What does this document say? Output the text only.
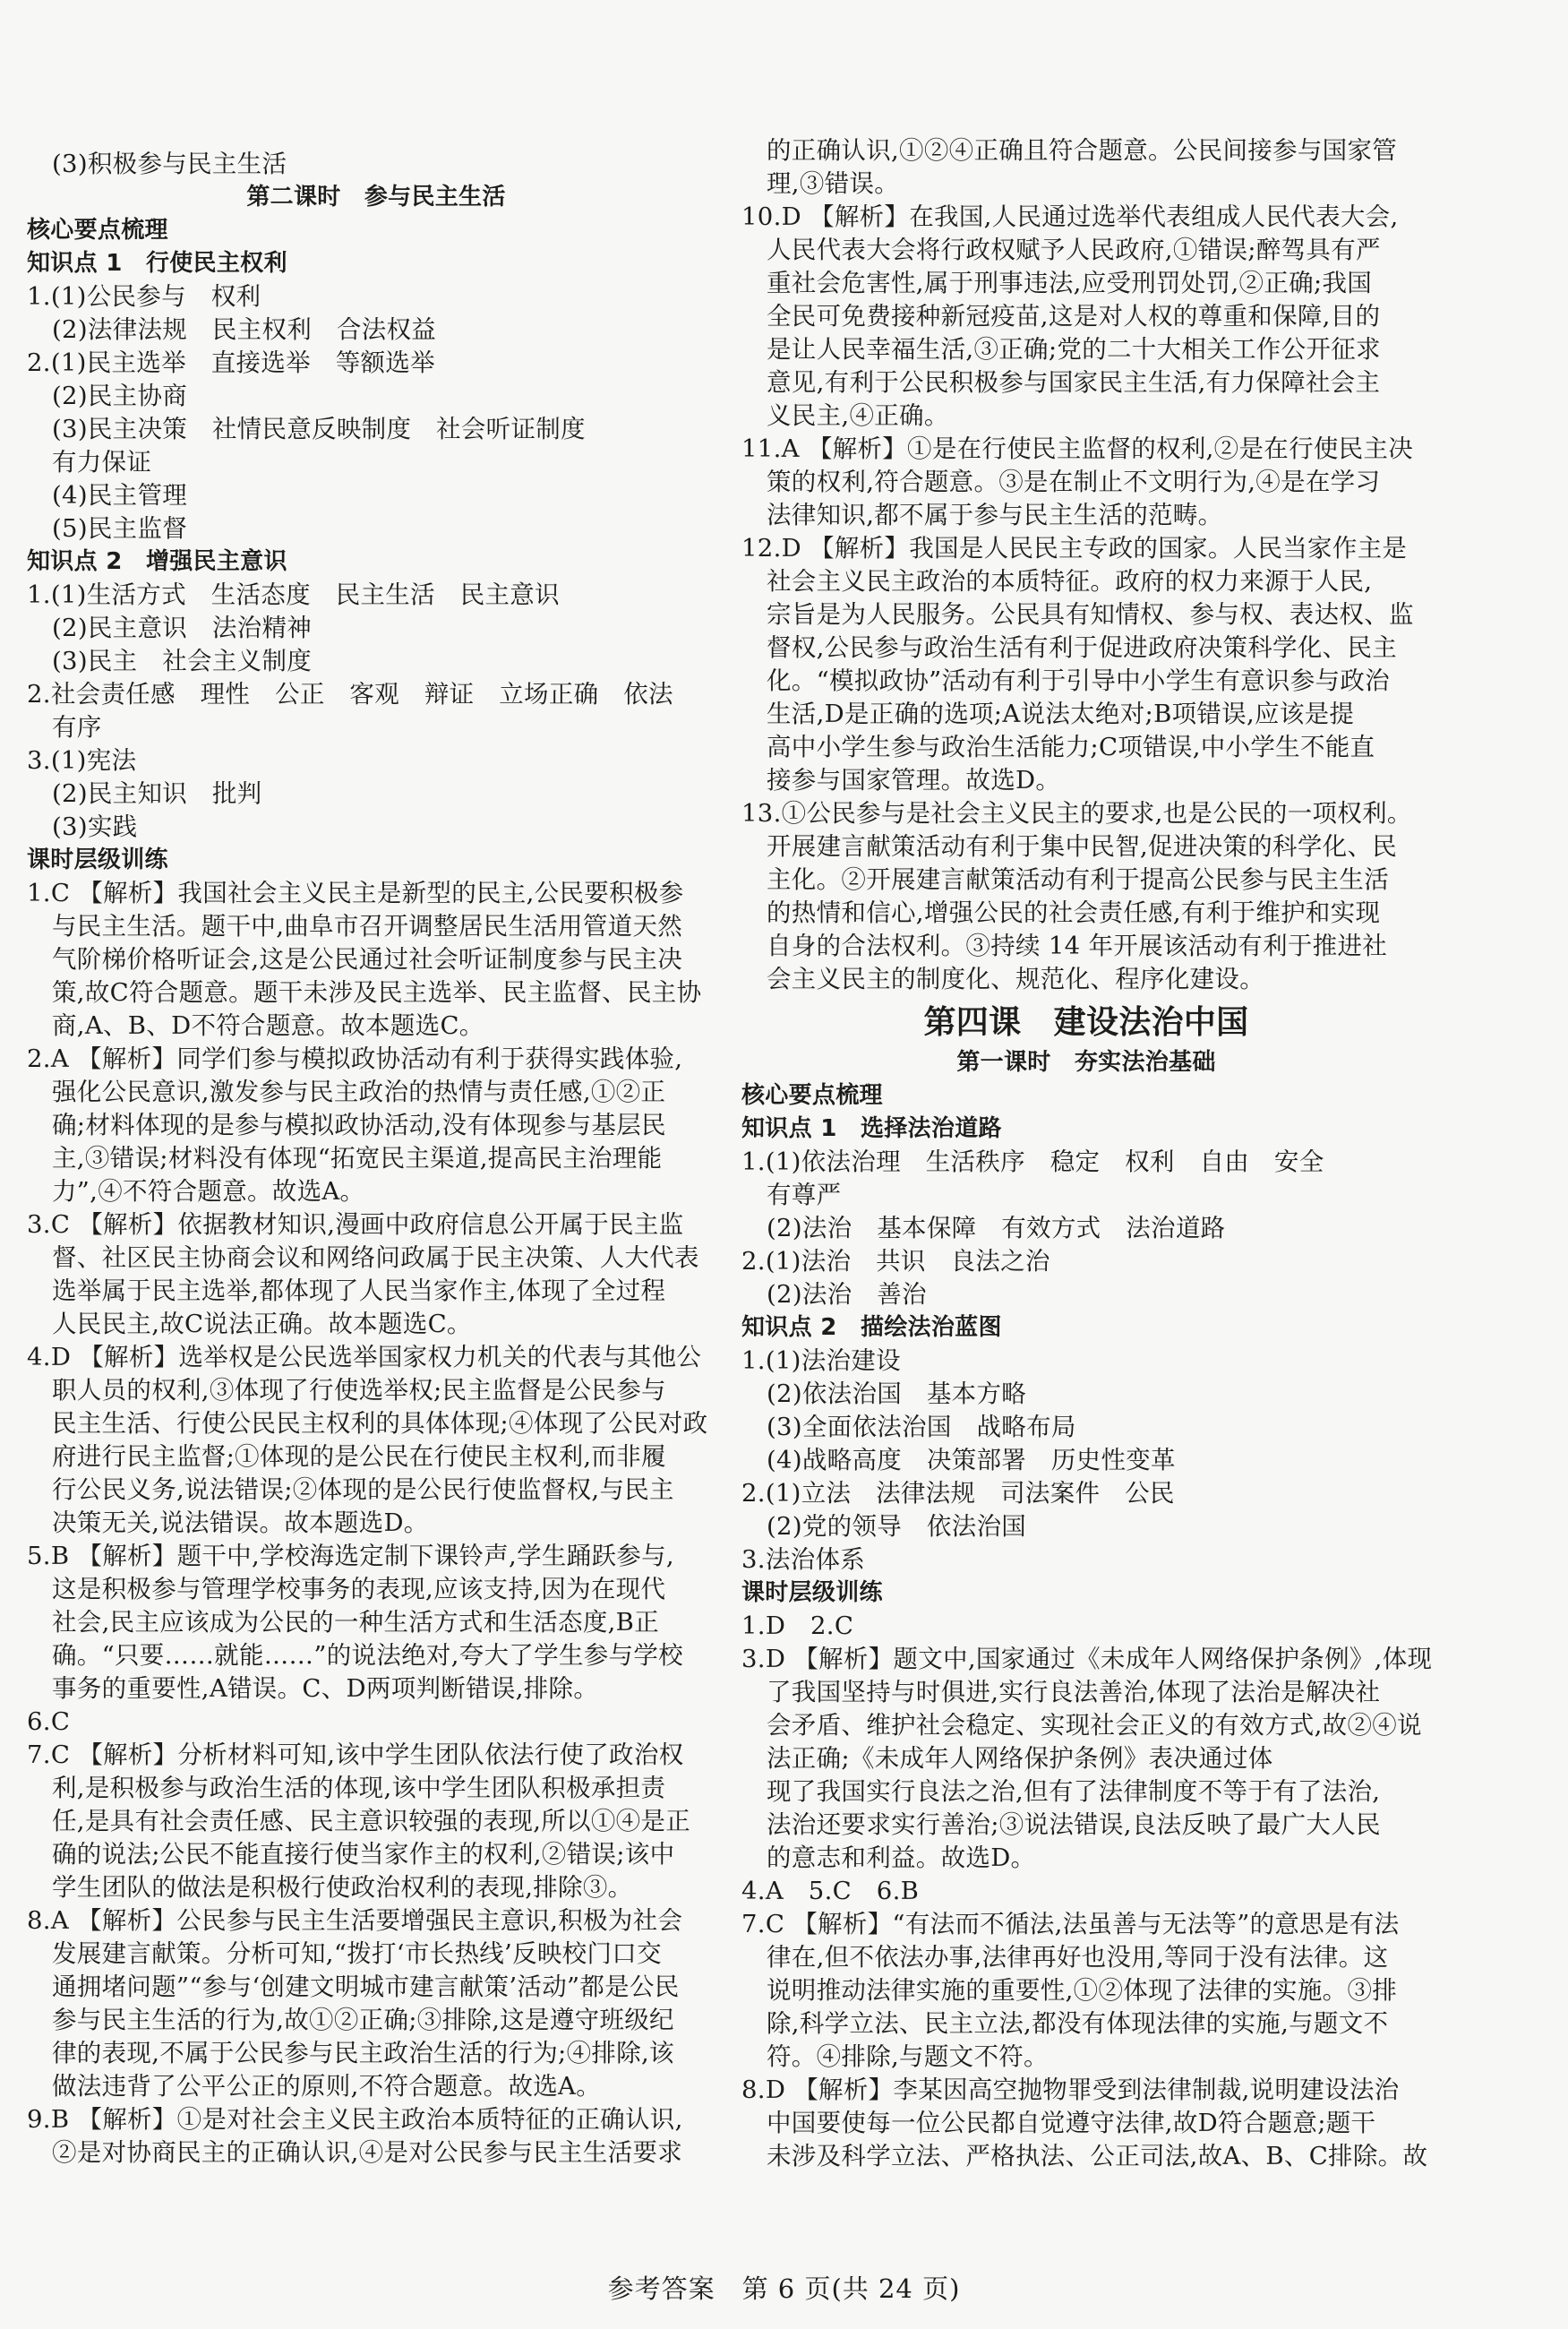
(3)积极参与民主生活
第二课时　参与民主生活
核心要点梳理
知识点 1　行使民主权利
1.(1)公民参与　权利
(2)法律法规　民主权利　合法权益
2.(1)民主选举　直接选举　等额选举
(2)民主协商
(3)民主决策　社情民意反映制度　社会听证制度
有力保证
(4)民主管理
(5)民主监督
知识点 2　增强民主意识
1.(1)生活方式　生活态度　民主生活　民主意识
(2)民主意识　法治精神
(3)民主　社会主义制度
2.社会责任感　理性　公正　客观　辩证　立场正确　依法
有序
3.(1)宪法
(2)民主知识　批判
(3)实践
课时层级训练
1.C 【解析】我国社会主义民主是新型的民主,公民要积极参
与民主生活。题干中,曲阜市召开调整居民生活用管道天然
气阶梯价格听证会,这是公民通过社会听证制度参与民主决
策,故C符合题意。题干未涉及民主选举、民主监督、民主协
商,A、B、D不符合题意。故本题选C。
2.A 【解析】同学们参与模拟政协活动有利于获得实践体验,
强化公民意识,激发参与民主政治的热情与责任感,①②正
确;材料体现的是参与模拟政协活动,没有体现参与基层民
主,③错误;材料没有体现“拓宽民主渠道,提高民主治理能
力”,④不符合题意。故选A。
3.C 【解析】依据教材知识,漫画中政府信息公开属于民主监
督、社区民主协商会议和网络问政属于民主决策、人大代表
选举属于民主选举,都体现了人民当家作主,体现了全过程
人民民主,故C说法正确。故本题选C。
4.D 【解析】选举权是公民选举国家权力机关的代表与其他公
职人员的权利,③体现了行使选举权;民主监督是公民参与
民主生活、行使公民民主权利的具体体现;④体现了公民对政
府进行民主监督;①体现的是公民在行使民主权利,而非履
行公民义务,说法错误;②体现的是公民行使监督权,与民主
决策无关,说法错误。故本题选D。
5.B 【解析】题干中,学校海选定制下课铃声,学生踊跃参与,
这是积极参与管理学校事务的表现,应该支持,因为在现代
社会,民主应该成为公民的一种生活方式和生活态度,B正
确。“只要……就能……”的说法绝对,夸大了学生参与学校
事务的重要性,A错误。C、D两项判断错误,排除。
6.C
7.C 【解析】分析材料可知,该中学生团队依法行使了政治权
利,是积极参与政治生活的体现,该中学生团队积极承担责
任,是具有社会责任感、民主意识较强的表现,所以①④是正
确的说法;公民不能直接行使当家作主的权利,②错误;该中
学生团队的做法是积极行使政治权利的表现,排除③。
8.A 【解析】公民参与民主生活要增强民主意识,积极为社会
发展建言献策。分析可知,“拨打‘市长热线’反映校门口交
通拥堵问题”“参与‘创建文明城市建言献策’活动”都是公民
参与民主生活的行为,故①②正确;③排除,这是遵守班级纪
律的表现,不属于公民参与民主政治生活的行为;④排除,该
做法违背了公平公正的原则,不符合题意。故选A。
9.B 【解析】①是对社会主义民主政治本质特征的正确认识,
②是对协商民主的正确认识,④是对公民参与民主生活要求
的正确认识,①②④正确且符合题意。公民间接参与国家管
理,③错误。
10.D 【解析】在我国,人民通过选举代表组成人民代表大会,
人民代表大会将行政权赋予人民政府,①错误;醉驾具有严
重社会危害性,属于刑事违法,应受刑罚处罚,②正确;我国
全民可免费接种新冠疫苗,这是对人权的尊重和保障,目的
是让人民幸福生活,③正确;党的二十大相关工作公开征求
意见,有利于公民积极参与国家民主生活,有力保障社会主
义民主,④正确。
11.A 【解析】①是在行使民主监督的权利,②是在行使民主决
策的权利,符合题意。③是在制止不文明行为,④是在学习
法律知识,都不属于参与民主生活的范畴。
12.D 【解析】我国是人民民主专政的国家。人民当家作主是
社会主义民主政治的本质特征。政府的权力来源于人民,
宗旨是为人民服务。公民具有知情权、参与权、表达权、监
督权,公民参与政治生活有利于促进政府决策科学化、民主
化。“模拟政协”活动有利于引导中小学生有意识参与政治
生活,D是正确的选项;A说法太绝对;B项错误,应该是提
高中小学生参与政治生活能力;C项错误,中小学生不能直
接参与国家管理。故选D。
13.①公民参与是社会主义民主的要求,也是公民的一项权利。
开展建言献策活动有利于集中民智,促进决策的科学化、民
主化。②开展建言献策活动有利于提高公民参与民主生活
的热情和信心,增强公民的社会责任感,有利于维护和实现
自身的合法权利。③持续 14 年开展该活动有利于推进社
会主义民主的制度化、规范化、程序化建设。
第四课　建设法治中国
第一课时　夯实法治基础
核心要点梳理
知识点 1　选择法治道路
1.(1)依法治理　生活秩序　稳定　权利　自由　安全
有尊严
(2)法治　基本保障　有效方式　法治道路
2.(1)法治　共识　良法之治
(2)法治　善治
知识点 2　描绘法治蓝图
1.(1)法治建设
(2)依法治国　基本方略
(3)全面依法治国　战略布局
(4)战略高度　决策部署　历史性变革
2.(1)立法　法律法规　司法案件　公民
(2)党的领导　依法治国
3.法治体系
课时层级训练
1.D　2.C
3.D 【解析】题文中,国家通过《未成年人网络保护条例》,体现
了我国坚持与时俱进,实行良法善治,体现了法治是解决社
会矛盾、维护社会稳定、实现社会正义的有效方式,故②④说
法正确;《未成年人网络保护条例》表决通过体
现了我国实行良法之治,但有了法律制度不等于有了法治,
法治还要求实行善治;③说法错误,良法反映了最广大人民
的意志和利益。故选D。
4.A　5.C　6.B
7.C 【解析】“有法而不循法,法虽善与无法等”的意思是有法
律在,但不依法办事,法律再好也没用,等同于没有法律。这
说明推动法律实施的重要性,①②体现了法律的实施。③排
除,科学立法、民主立法,都没有体现法律的实施,与题文不
符。④排除,与题文不符。
8.D 【解析】李某因高空抛物罪受到法律制裁,说明建设法治
中国要使每一位公民都自觉遵守法律,故D符合题意;题干
未涉及科学立法、严格执法、公正司法,故A、B、C排除。故
参考答案　第 6 页(共 24 页)
